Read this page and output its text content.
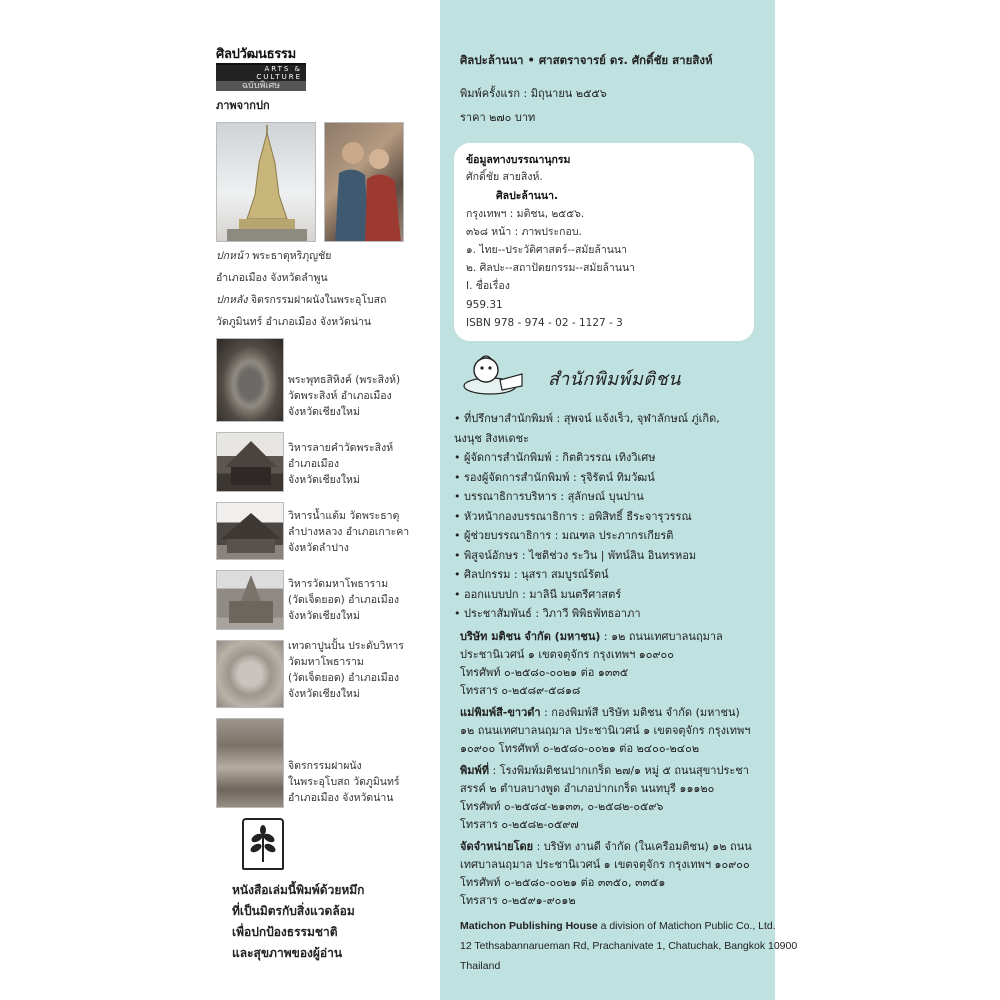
ศิลปวัฒนธรรม
ARTS & CULTURE
ฉบับพิเศษ
ภาพจากปก
ปกหน้า พระธาตุหริภุญชัย
อำเภอเมือง จังหวัดลำพูน
ปกหลัง จิตรกรรมฝาผนังในพระอุโบสถ
วัดภูมินทร์ อำเภอเมือง จังหวัดน่าน
พระพุทธสิหิงค์ (พระสิงห์)
วัดพระสิงห์ อำเภอเมือง
จังหวัดเชียงใหม่
วิหารลายคำวัดพระสิงห์
อำเภอเมือง
จังหวัดเชียงใหม่
วิหารน้ำแต้ม วัดพระธาตุ
ลำปางหลวง อำเภอเกาะคา
จังหวัดลำปาง
วิหารวัดมหาโพธาราม
(วัดเจ็ดยอด) อำเภอเมือง
จังหวัดเชียงใหม่
เทวดาปูนปั้น ประดับวิหาร
วัดมหาโพธาราม
(วัดเจ็ดยอด) อำเภอเมือง
จังหวัดเชียงใหม่
จิตรกรรมฝาผนัง
ในพระอุโบสถ วัดภูมินทร์
อำเภอเมือง จังหวัดน่าน
หนังสือเล่มนี้พิมพ์ด้วยหมึก
ที่เป็นมิตรกับสิ่งแวดล้อม
เพื่อปกป้องธรรมชาติ
และสุขภาพของผู้อ่าน
ศิลปะล้านนา • ศาสตราจารย์ ดร. ศักดิ์ชัย สายสิงห์
พิมพ์ครั้งแรก : มิถุนายน ๒๕๕๖
ราคา ๒๗๐ บาท
ข้อมูลทางบรรณานุกรม
ศักดิ์ชัย สายสิงห์.
ศิลปะล้านนา.
กรุงเทพฯ : มติชน, ๒๕๕๖.
๓๖๘ หน้า : ภาพประกอบ.
๑. ไทย--ประวัติศาสตร์--สมัยล้านนา
๒. ศิลปะ--สถาปัตยกรรม--สมัยล้านนา
I. ชื่อเรื่อง
959.31
ISBN 978 - 974 - 02 - 1127 - 3
สำนักพิมพ์มติชน
• ที่ปรึกษาสำนักพิมพ์ : สุพจน์ แจ้งเร็ว, จุฬาลักษณ์ ภู่เกิด,
นงนุช สิงหเดชะ
• ผู้จัดการสำนักพิมพ์ : กิตติวรรณ เทิงวิเศษ
• รองผู้จัดการสำนักพิมพ์ : รุจิรัตน์ ทิมวัฒน์
• บรรณาธิการบริหาร : สุลักษณ์ บุนปาน
• หัวหน้ากองบรรณาธิการ : อพิสิทธิ์ ธีระจารุวรรณ
• ผู้ช่วยบรรณาธิการ : มณฑล ประภากรเกียรติ
• พิสูจน์อักษร : ไชติช่วง ระวิน | พัทน์ลิน อินทรหอม
• ศิลปกรรม : นุสรา สมบูรณ์รัตน์
• ออกแบบปก : มาลินี มนตรีศาสตร์
• ประชาสัมพันธ์ : วิภาวี พิพิธพัทธอาภา
บริษัท มติชน จำกัด (มหาชน) : ๑๒ ถนนเทศบาลนฤมาล
ประชานิเวศน์ ๑ เขตจตุจักร กรุงเทพฯ ๑๐๙๐๐
โทรศัพท์ ๐-๒๕๘๐-๐๐๒๑ ต่อ ๑๓๓๕
โทรสาร ๐-๒๕๘๙-๕๘๑๘
แม่พิมพ์สี-ขาวดำ : กองพิมพ์สี บริษัท มติชน จำกัด (มหาชน)
๑๒ ถนนเทศบาลนฤมาล ประชานิเวศน์ ๑ เขตจตุจักร กรุงเทพฯ
๑๐๙๐๐ โทรศัพท์ ๐-๒๕๘๐-๐๐๒๑ ต่อ ๒๔๐๐-๒๔๐๒
พิมพ์ที่ : โรงพิมพ์มติชนปากเกร็ด ๒๗/๑ หมู่ ๕ ถนนสุขาประชา
สรรค์ ๒ ตำบลบางพูด อำเภอปากเกร็ด นนทบุรี ๑๑๑๒๐
โทรศัพท์ ๐-๒๕๘๔-๒๑๓๓, ๐-๒๕๘๒-๐๕๙๖
โทรสาร ๐-๒๕๘๒-๐๕๙๗
จัดจำหน่ายโดย : บริษัท งานดี จำกัด (ในเครือมติชน) ๑๒ ถนน
เทศบาลนฤมาล ประชานิเวศน์ ๑ เขตจตุจักร กรุงเทพฯ ๑๐๙๐๐
โทรศัพท์ ๐-๒๕๘๐-๐๐๒๑ ต่อ ๓๓๕๐, ๓๓๕๑
โทรสาร ๐-๒๕๙๑-๙๐๑๒
Matichon Publishing House a division of Matichon Public Co., Ltd.
12 Tethsabannarueman Rd, Prachanivate 1, Chatuchak, Bangkok 10900
Thailand
